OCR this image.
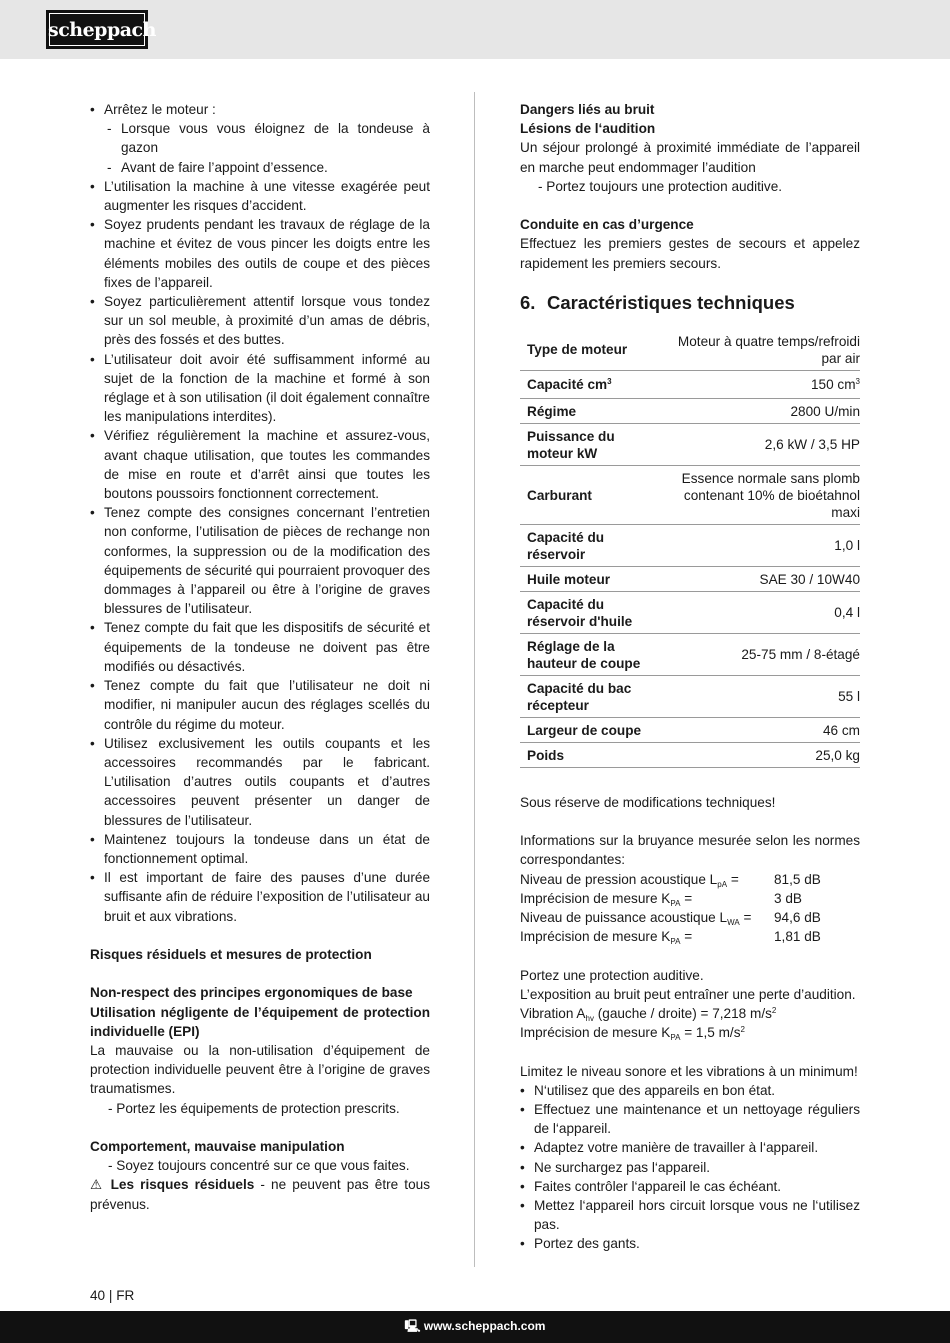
scheppach
• Arrêtez le moteur :
- Lorsque vous vous éloignez de la tondeuse à gazon
- Avant de faire l’appoint d’essence.
• L’utilisation la machine à une vitesse exagérée peut augmenter les risques d’accident.
• Soyez prudents pendant les travaux de réglage de la machine et évitez de vous pincer les doigts entre les éléments mobiles des outils de coupe et des pièces fixes de l’appareil.
• Soyez particulièrement attentif lorsque vous tondez sur un sol meuble, à proximité d’un amas de débris, près des fossés et des buttes.
• L’utilisateur doit avoir été suffisamment informé au sujet de la fonction de la machine et formé à son réglage et à son utilisation (il doit également connaître les manipulations interdites).
• Vérifiez régulièrement la machine et assurez-vous, avant chaque utilisation, que toutes les commandes de mise en route et d’arrêt ainsi que toutes les boutons poussoirs fonctionnent correctement.
• Tenez compte des consignes concernant l’entretien non conforme, l’utilisation de pièces de rechange non conformes, la suppression ou de la modification des équipements de sécurité qui pourraient provoquer des dommages à l’appareil ou être à l’origine de graves blessures de l’utilisateur.
• Tenez compte du fait que les dispositifs de sécurité et équipements de la tondeuse ne doivent pas être modifiés ou désactivés.
• Tenez compte du fait que l’utilisateur ne doit ni modifier, ni manipuler aucun des réglages scellés du contrôle du régime du moteur.
• Utilisez exclusivement les outils coupants et les accessoires recommandés par le fabricant. L’utilisation d’autres outils coupants et d’autres accessoires peuvent présenter un danger de blessures de l’utilisateur.
• Maintenez toujours la tondeuse dans un état de fonctionnement optimal.
• Il est important de faire des pauses d’une durée suffisante afin de réduire l’exposition de l’utilisateur au bruit et aux vibrations.

Risques résiduels et mesures de protection

Non-respect des principes ergonomiques de base

Utilisation négligente de l’équipement de protection individuelle (EPI)

La mauvaise ou la non-utilisation d’équipement de protection individuelle peuvent être à l’origine de graves traumatismes.

- Portez les équipements de protection prescrits.

Comportement, mauvaise manipulation

- Soyez toujours concentré sur ce que vous faites.

⚠ Les risques résiduels - ne peuvent pas être tous prévenus.

Dangers liés au bruit

Lésions de l‘audition

Un séjour prolongé à proximité immédiate de l’appareil en marche peut endommager l’audition

- Portez toujours une protection auditive.

Conduite en cas d’urgence

Effectuez les premiers gestes de secours et appelez rapidement les premiers secours.

6. Caractéristiques techniques
Type de moteur	Moteur à quatre temps/refroidi par air
Capacité $cm^3$	150 $cm^3$
Régime	2800 U/min
Puissance du moteur kW	2,6 kW / 3,5 HP
Carburant	Essence normale sans plomb contenant 10% de bioétahnol maxi
Capacité du réservoir	1,0 l
Huile moteur	SAE 30 / 10W40
Capacité du réservoir d'huile	0,4 l
Réglage de la hauteur de coupe	25-75 mm / 8-étagé
Capacité du bac récepteur	55 l
Largeur de coupe	46 cm
Poids	25,0 kg

Sous réserve de modifications techniques!

Informations sur la bruyance mesurée selon les normes correspondantes:

Niveau de pression acoustique $L_{pA}$ =	81,5 dB
Imprécision de mesure $K_{PA}$ =	3 dB
Niveau de puissance acoustique $L_{WA}$ =	94,6 dB
Imprécision de mesure $K_{PA}$ =	1,81 dB

Portez une protection auditive.

L’exposition au bruit peut entraîner une perte d’audition.

Vibration $A_{hv}$ (gauche / droite) = 7,218 $m/s^2$

Imprécision de mesure $K_{PA} = 1,5$ $m/s^2$

Limitez le niveau sonore et les vibrations à un minimum!

• N‘utilisez que des appareils en bon état.
• Effectuez une maintenance et un nettoyage réguliers de l‘appareil.
• Adaptez votre manière de travailler à l‘appareil.
• Ne surchargez pas l‘appareil.
• Faites contrôler l‘appareil le cas échéant.
• Mettez l‘appareil hors circuit lorsque vous ne l‘utilisez pas.
• Portez des gants.
40 | FR
🖳 www.scheppach.com
